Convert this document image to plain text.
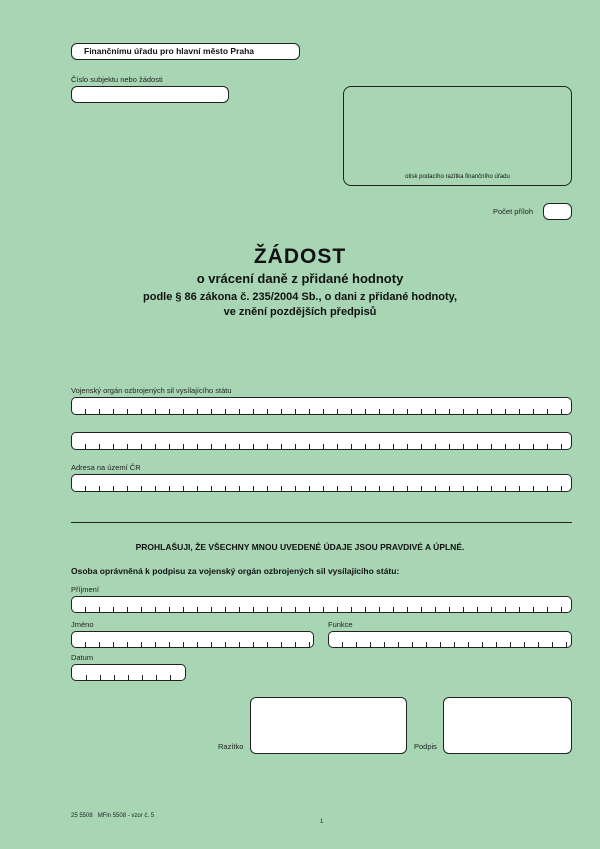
Finančnímu úřadu pro hlavní město Praha
Číslo subjektu nebo žádosti
otisk podacího razítka finančního úřadu
Počet příloh
ŽÁDOST
o vrácení daně z přidané hodnoty
podle § 86 zákona č. 235/2004 Sb., o dani z přidané hodnoty,
ve znění pozdějších předpisů
Vojenský orgán ozbrojených sil vysílajícího státu
Adresa na území ČR
PROHLAŠUJI, ŽE VŠECHNY MNOU UVEDENÉ ÚDAJE JSOU PRAVDIVÉ A ÚPLNÉ.
Osoba oprávněná k podpisu za vojenský orgán ozbrojených sil vysílajícího státu:
Příjmení
Jméno	Funkce
Datum
Razítko	Podpis
25 5508   MFin 5508 - vzor č. 5
1
